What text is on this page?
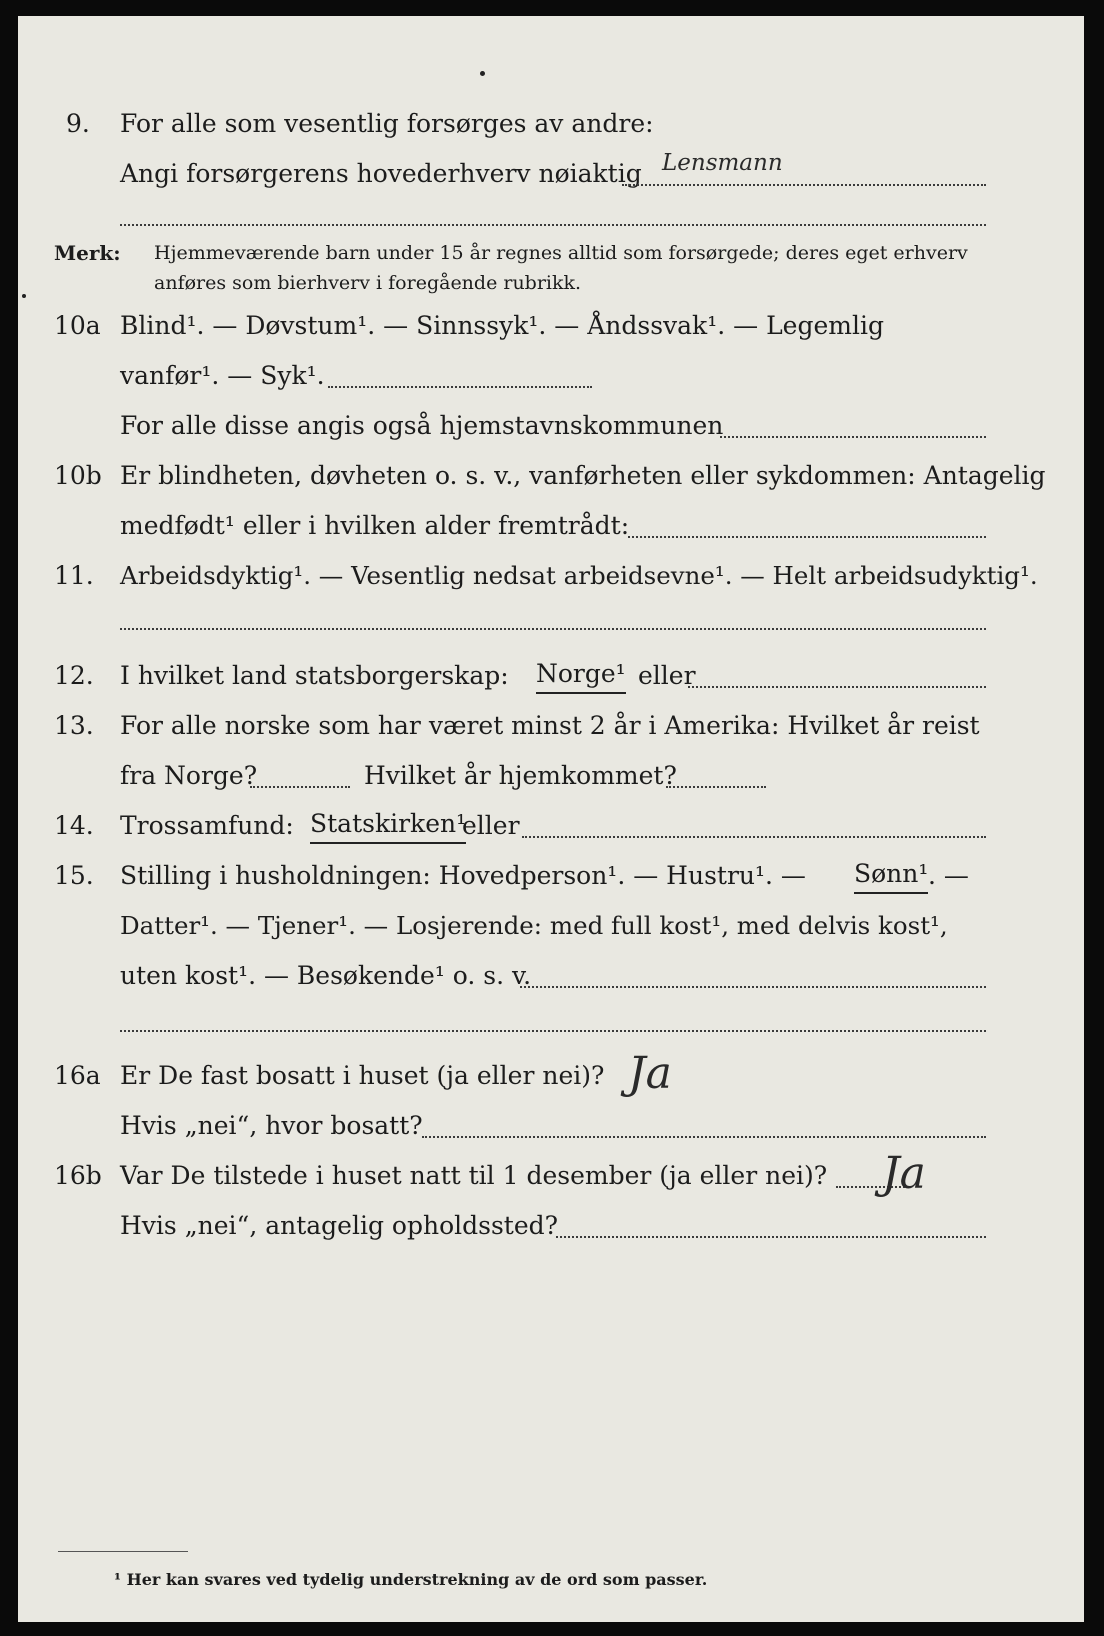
9. For alle som vesentlig forsørges av andre:
Angi forsørgerens hovederhverv nøiaktig Lensmann
Merk: Hjemmeværende barn under 15 år regnes alltid som forsørgede; deres eget erhverv
anføres som bierhverv i foregående rubrikk.
10a Blind¹. — Døvstum¹. — Sinnssyk¹. — Åndssvak¹. — Legemlig
vanfør¹. — Syk¹.
For alle disse angis også hjemstavnskommunen
10b Er blindheten, døvheten o. s. v., vanførheten eller sykdommen: Antagelig
medfødt¹ eller i hvilken alder fremtrådt:
11. Arbeidsdyktig¹. — Vesentlig nedsat arbeidsevne¹. — Helt arbeidsudyktig¹.
12. I hvilket land statsborgerskap: Norge¹ eller
13. For alle norske som har været minst 2 år i Amerika: Hvilket år reist
fra Norge?	Hvilket år hjemkommet?
14. Trossamfund: Statskirken¹
eller
15. Stilling i husholdningen: Hovedperson¹. — Hustru¹. — Sønn¹ . —
Datter¹. — Tjener¹. — Losjerende: med full kost¹, med delvis kost¹,
uten kost¹. — Besøkende¹ o. s. v.
16a Er De fast bosatt i huset (ja eller nei)? Ja
Hvis „nei“, hvor bosatt?
16b Var De tilstede i huset natt til 1 desember (ja eller nei)? Ja
Hvis „nei“, antagelig opholdssted?
¹ Her kan svares ved tydelig understrekning av de ord som passer.
